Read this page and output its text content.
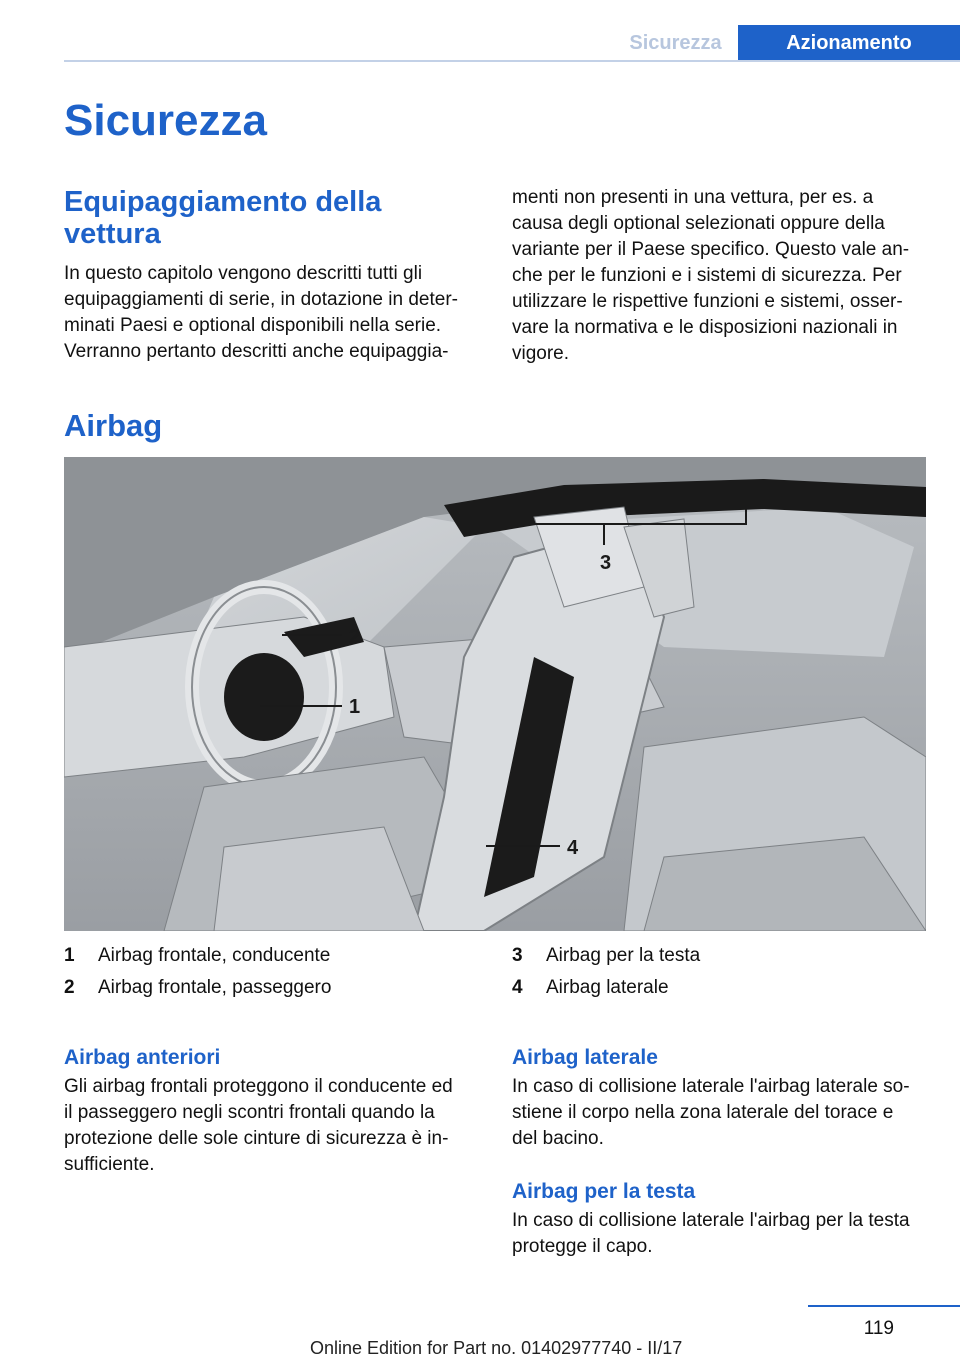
Sicurezza	Azionamento
Sicurezza
Equipaggiamento della
vettura

In questo capitolo vengono descritti tutti gli
equipaggiamenti di serie, in dotazione in deter-
minati Paesi e optional disponibili nella serie.
Verranno pertanto descritti anche equipaggia-

menti non presenti in una vettura, per es. a
causa degli optional selezionati oppure della
variante per il Paese specifico. Questo vale an-
che per le funzioni e i sistemi di sicurezza. Per
utilizzare le rispettive funzioni e sistemi, osser-
vare la normativa e le disposizioni nazionali in
vigore.

Airbag
3
2
1
4
1	Airbag frontale, conducente
2	Airbag frontale, passeggero
3	Airbag per la testa
4	Airbag laterale
Airbag anteriori

Gli airbag frontali proteggono il conducente ed
il passeggero negli scontri frontali quando la
protezione delle sole cinture di sicurezza è in-
sufficiente.

Airbag laterale

In caso di collisione laterale l'airbag laterale so-
stiene il corpo nella zona laterale del torace e
del bacino.

Airbag per la testa

In caso di collisione laterale l'airbag per la testa
protegge il capo.

119
Online Edition for Part no. 01402977740 - II/17
